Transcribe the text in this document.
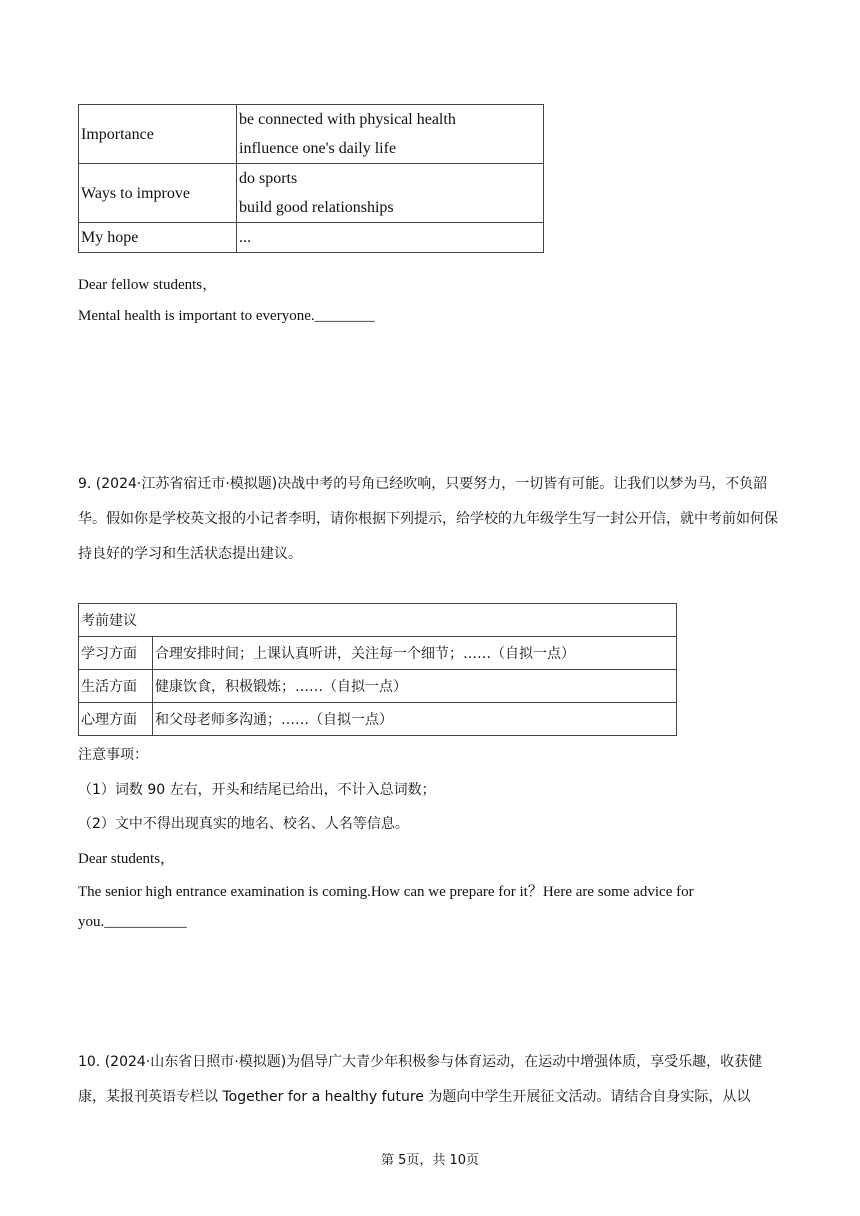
Importance	be connected with physical health
influence one's daily life

Ways to improve	do sports
build good relationships

My hope	...
Dear fellow students，
Mental health is important to everyone.________
9. (2024·江苏省宿迁市·模拟题)决战中考的号角已经吹响，只要努力，一切皆有可能。让我们以梦为马，不负韶华。假如你是学校英文报的小记者李明，请你根据下列提示，给学校的九年级学生写一封公开信，就中考前如何保持良好的学习和生活状态提出建议。
考前建议	
学习方面	合理安排时间；上课认真听讲，关注每一个细节；……（自拟一点）
生活方面	健康饮食，积极锻炼；……（自拟一点）
心理方面	和父母老师多沟通；……（自拟一点）
注意事项：
（1）词数 90 左右，开头和结尾已给出，不计入总词数；
（2）文中不得出现真实的地名、校名、人名等信息。
Dear students，
The senior high entrance examination is coming.How can we prepare for it？Here are some advice for
you.___________
10. (2024·山东省日照市·模拟题)为倡导广大青少年积极参与体育运动，在运动中增强体质，享受乐趣，收获健康，某报刊英语专栏以 Together for a healthy future 为题向中学生开展征文活动。请结合自身实际，从以
第 5页，共 10页
